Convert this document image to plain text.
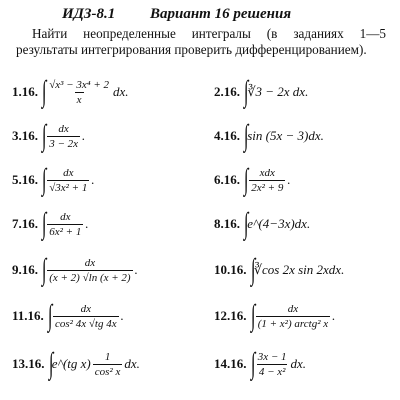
ИДЗ-8.1 Вариант 16 решения
Найти неопределенные интегралы (в заданиях 1—5 результаты интегрирования проверить дифференцированием).
1.16. ∫ $\frac{\text{√x³ − 3x⁴ + 2}}{x}$ dx.	2.16. ∫
∛3 − 2x dx.
3.16. ∫ $\frac{dx}{3 - 2x}$ .	4.16. ∫
sin (5x − 3)dx.
5.16. ∫ $\frac{dx}{\text{√3x² + 1}}$ .	6.16. ∫ $\frac{\text{xdx}}{\text{2x² + 9}}$ .
7.16. ∫ $\frac{dx}{\text{6x² + 1}}$ .	8.16. ∫
e^(4−3x)dx.
9.16. ∫ $\frac{dx}{(x + 2) √\ln (x + 2)}$ .	10.16. ∫
∛cos 2x sin 2xdx.
11.16. ∫ $\frac{dx}{\text{cos² 4x √tg 4x}}$ .	12.16. ∫ $\frac{dx}{\text{(1 + x²) arctg² x}}$ .
13.16. ∫
e^(tg $x) \frac{1}{\text{cos² x}}$ dx.	14.16. ∫ $\frac{3x - 1}{\text{4 − x²}}$ dx.
